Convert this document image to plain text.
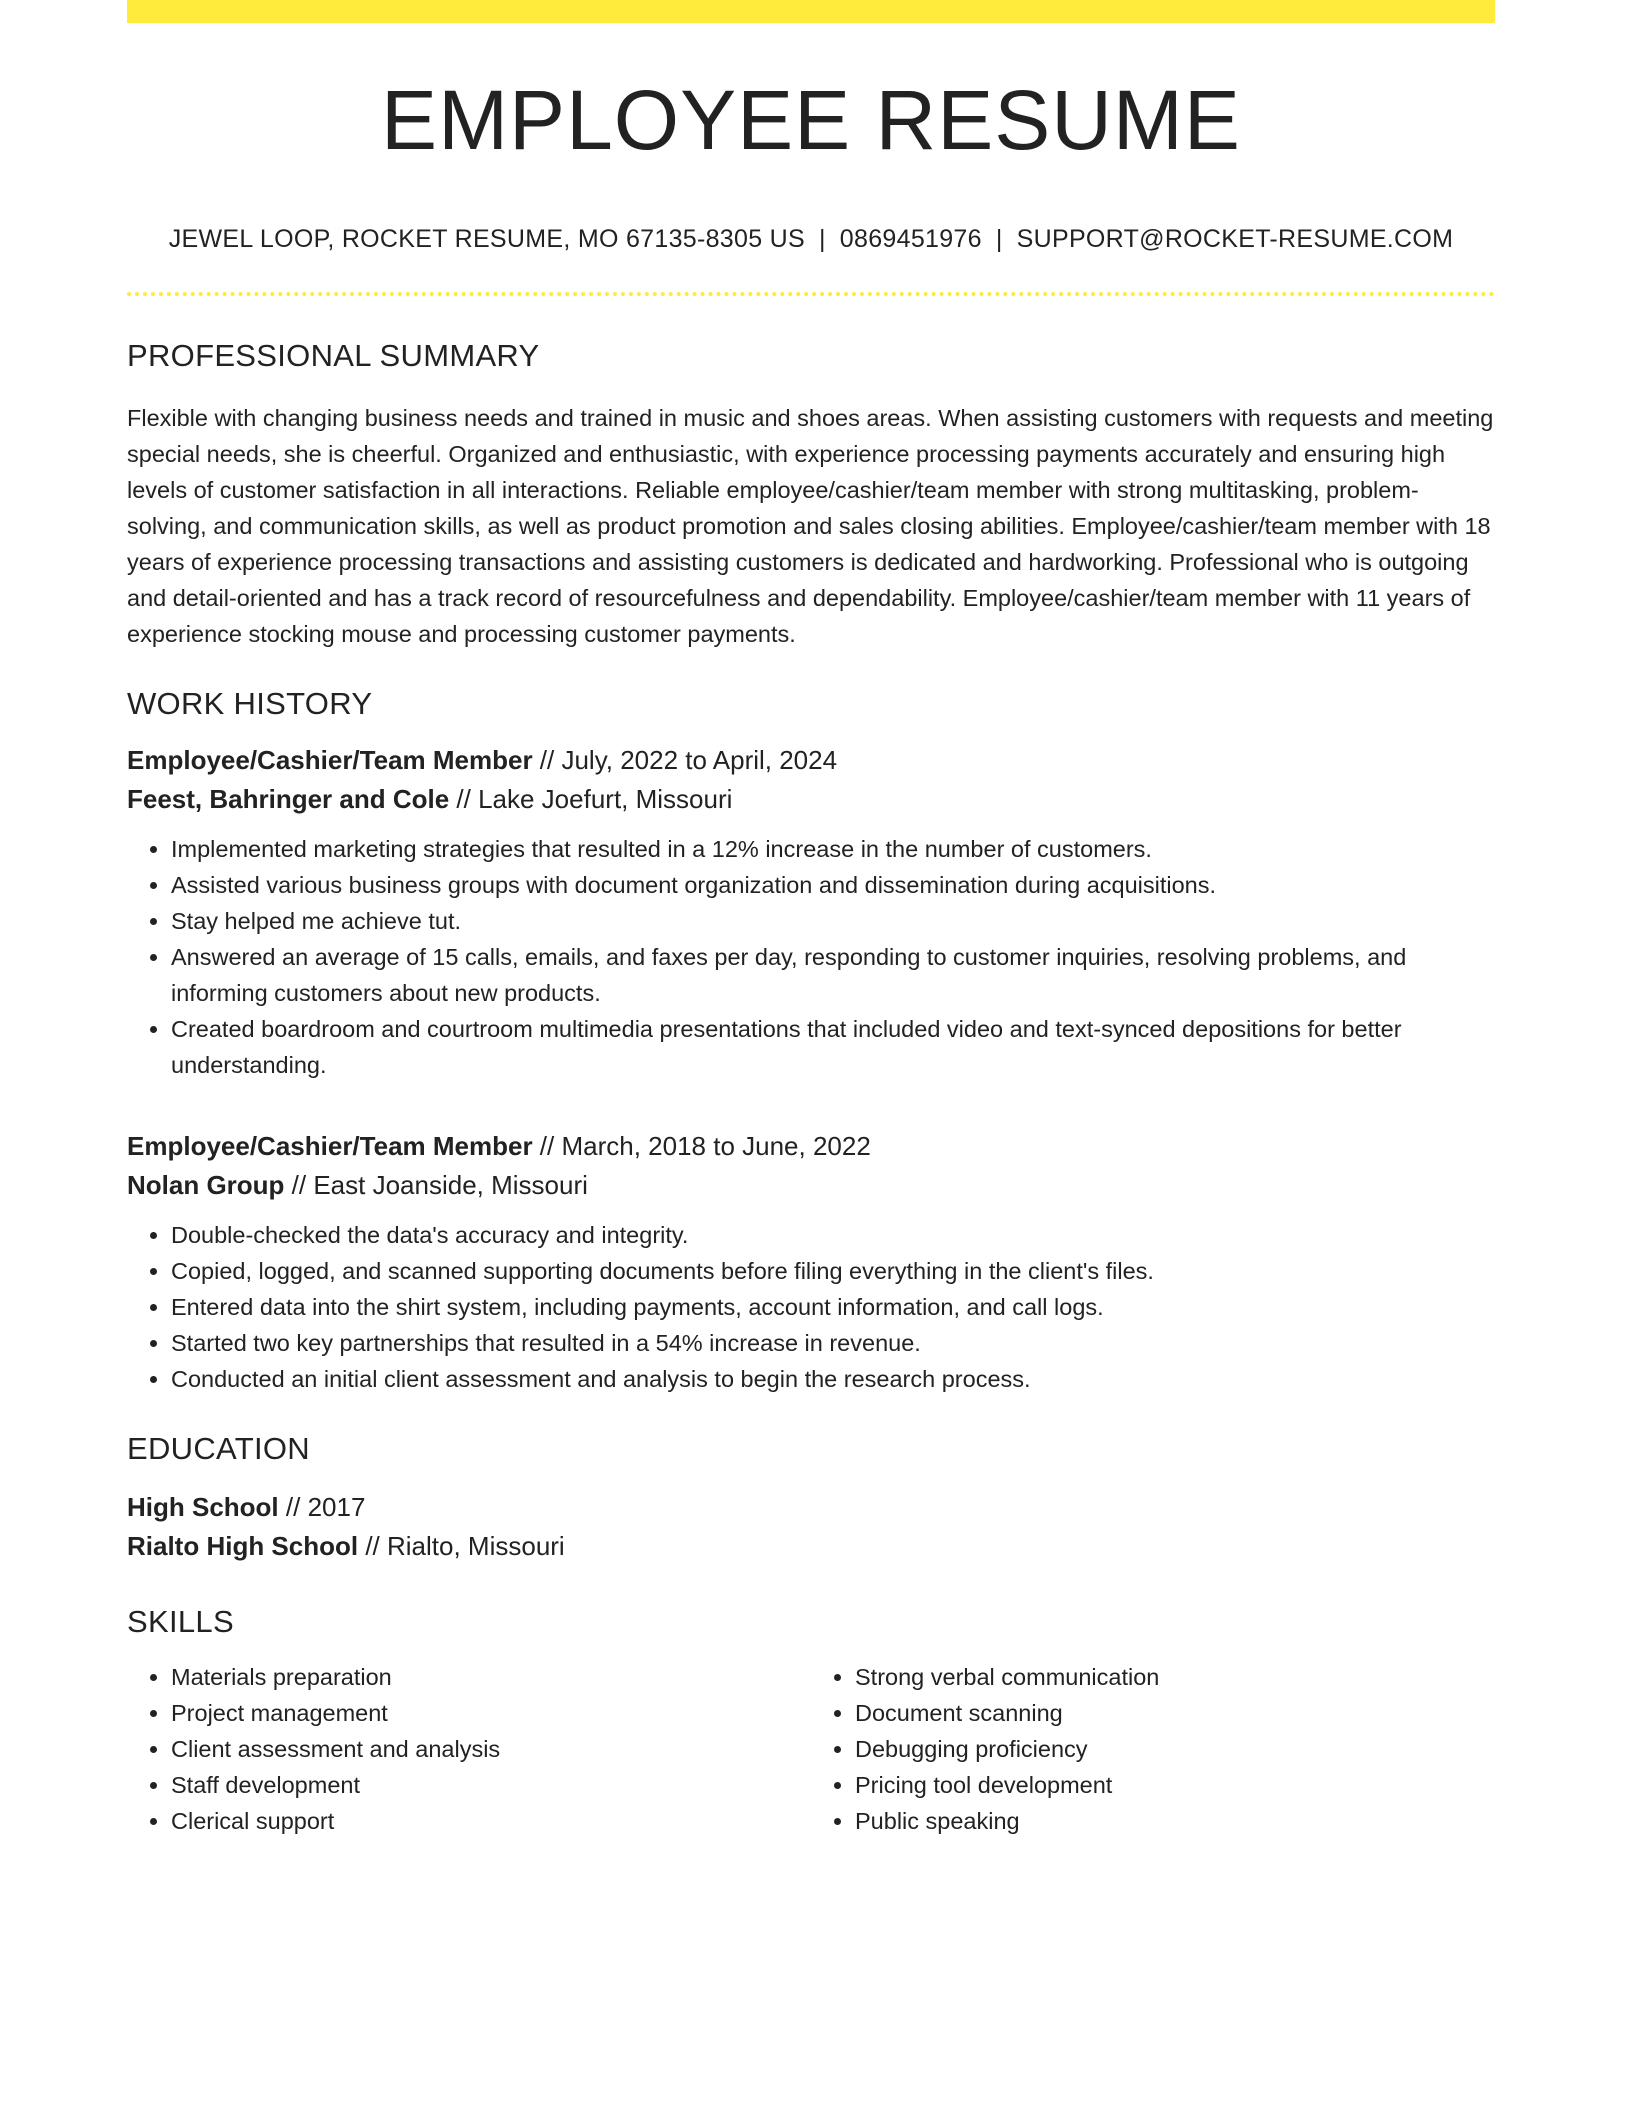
EMPLOYEE RESUME
JEWEL LOOP, ROCKET RESUME, MO 67135-8305 US | 0869451976 | SUPPORT@ROCKET-RESUME.COM
PROFESSIONAL SUMMARY

Flexible with changing business needs and trained in music and shoes areas. When assisting customers with requests and meeting special needs, she is cheerful. Organized and enthusiastic, with experience processing payments accurately and ensuring high levels of customer satisfaction in all interactions. Reliable employee/cashier/team member with strong multitasking, problem-solving, and communication skills, as well as product promotion and sales closing abilities. Employee/cashier/team member with 18 years of experience processing transactions and assisting customers is dedicated and hardworking. Professional who is outgoing and detail-oriented and has a track record of resourcefulness and dependability. Employee/cashier/team member with 11 years of experience stocking mouse and processing customer payments.

WORK HISTORY
Employee/Cashier/Team Member // July, 2022 to April, 2024
Feest, Bahringer and Cole // Lake Joefurt, Missouri
• Implemented marketing strategies that resulted in a 12% increase in the number of customers.
• Assisted various business groups with document organization and dissemination during acquisitions.
• Stay helped me achieve tut.
• Answered an average of 15 calls, emails, and faxes per day, responding to customer inquiries, resolving problems, and informing customers about new products.
• Created boardroom and courtroom multimedia presentations that included video and text-synced depositions for better understanding.
Employee/Cashier/Team Member // March, 2018 to June, 2022
Nolan Group // East Joanside, Missouri
• Double-checked the data's accuracy and integrity.
• Copied, logged, and scanned supporting documents before filing everything in the client's files.
• Entered data into the shirt system, including payments, account information, and call logs.
• Started two key partnerships that resulted in a 54% increase in revenue.
• Conducted an initial client assessment and analysis to begin the research process.
EDUCATION
High School // 2017
Rialto High School // Rialto, Missouri
SKILLS
• Materials preparation
• Project management
• Client assessment and analysis
• Staff development
• Clerical support
• Strong verbal communication
• Document scanning
• Debugging proficiency
• Pricing tool development
• Public speaking
